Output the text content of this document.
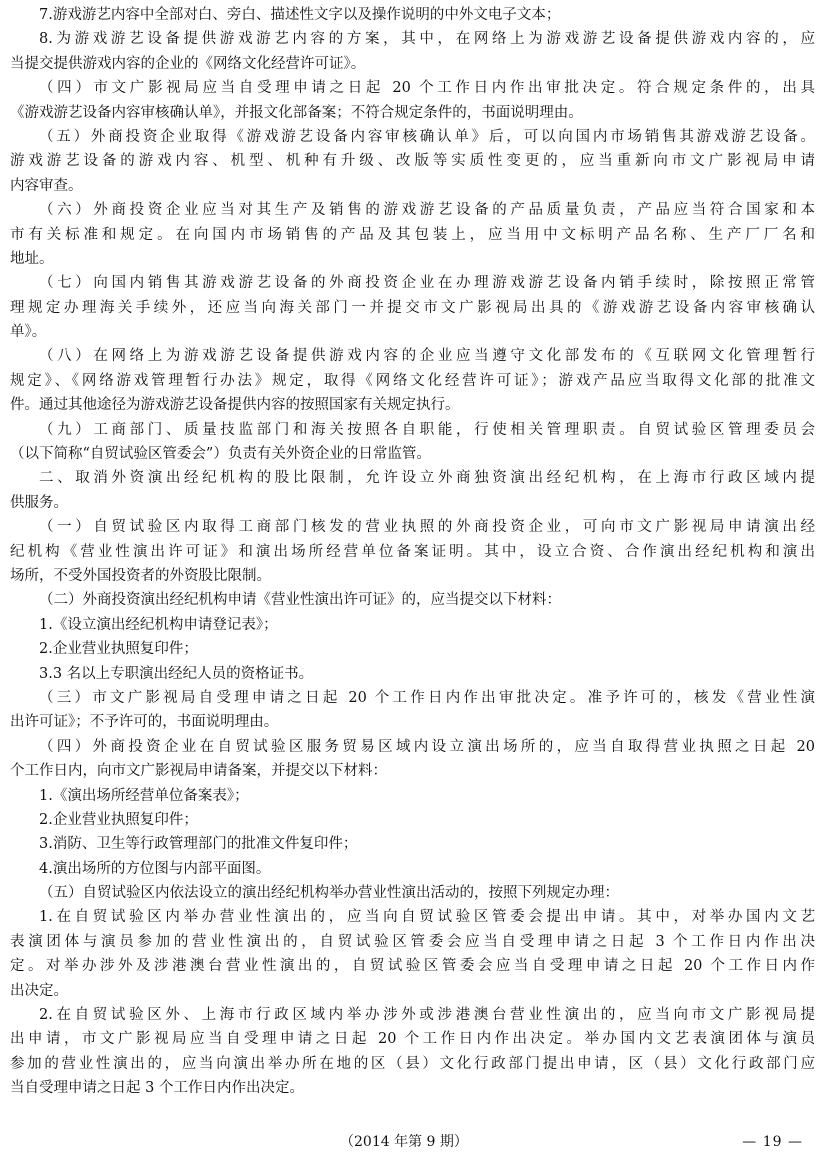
7.游戏游艺内容中全部对白、旁白、描述性文字以及操作说明的中外文电子文本；
8.为游戏游艺设备提供游戏游艺内容的方案，其中，在网络上为游戏游艺设备提供游戏内容的，应
当提交提供游戏内容的企业的《网络文化经营许可证》。
（四）市文广影视局应当自受理申请之日起 20 个工作日内作出审批决定。符合规定条件的，出具
《游戏游艺设备内容审核确认单》，并报文化部备案；不符合规定条件的，书面说明理由。
（五）外商投资企业取得《游戏游艺设备内容审核确认单》后，可以向国内市场销售其游戏游艺设备。
游戏游艺设备的游戏内容、机型、机种有升级、改版等实质性变更的，应当重新向市文广影视局申请
内容审查。
（六）外商投资企业应当对其生产及销售的游戏游艺设备的产品质量负责，产品应当符合国家和本
市有关标准和规定。在向国内市场销售的产品及其包装上，应当用中文标明产品名称、生产厂厂名和
地址。
（七）向国内销售其游戏游艺设备的外商投资企业在办理游戏游艺设备内销手续时，除按照正常管
理规定办理海关手续外，还应当向海关部门一并提交市文广影视局出具的《游戏游艺设备内容审核确认
单》。
（八）在网络上为游戏游艺设备提供游戏内容的企业应当遵守文化部发布的《互联网文化管理暂行
规定》、《网络游戏管理暂行办法》规定，取得《网络文化经营许可证》；游戏产品应当取得文化部的批准文
件。通过其他途径为游戏游艺设备提供内容的按照国家有关规定执行。
（九）工商部门、质量技监部门和海关按照各自职能，行使相关管理职责。自贸试验区管理委员会
（以下简称“自贸试验区管委会”）负责有关外资企业的日常监管。
二、取消外资演出经纪机构的股比限制，允许设立外商独资演出经纪机构，在上海市行政区域内提
供服务。
（一）自贸试验区内取得工商部门核发的营业执照的外商投资企业，可向市文广影视局申请演出经
纪机构《营业性演出许可证》和演出场所经营单位备案证明。其中，设立合资、合作演出经纪机构和演出
场所，不受外国投资者的外资股比限制。
（二）外商投资演出经纪机构申请《营业性演出许可证》的，应当提交以下材料：
1.《设立演出经纪机构申请登记表》；
2.企业营业执照复印件；
3.3 名以上专职演出经纪人员的资格证书。
（三）市文广影视局自受理申请之日起 20 个工作日内作出审批决定。准予许可的，核发《营业性演
出许可证》；不予许可的，书面说明理由。
（四）外商投资企业在自贸试验区服务贸易区域内设立演出场所的，应当自取得营业执照之日起 20
个工作日内，向市文广影视局申请备案，并提交以下材料：
1.《演出场所经营单位备案表》；
2.企业营业执照复印件；
3.消防、卫生等行政管理部门的批准文件复印件；
4.演出场所的方位图与内部平面图。
（五）自贸试验区内依法设立的演出经纪机构举办营业性演出活动的，按照下列规定办理：
1.在自贸试验区内举办营业性演出的，应当向自贸试验区管委会提出申请。其中，对举办国内文艺
表演团体与演员参加的营业性演出的，自贸试验区管委会应当自受理申请之日起 3 个工作日内作出决
定。对举办涉外及涉港澳台营业性演出的，自贸试验区管委会应当自受理申请之日起 20 个工作日内作
出决定。
2.在自贸试验区外、上海市行政区域内举办涉外或涉港澳台营业性演出的，应当向市文广影视局提
出申请，市文广影视局应当自受理申请之日起 20 个工作日内作出决定。举办国内文艺表演团体与演员
参加的营业性演出的，应当向演出举办所在地的区（县）文化行政部门提出申请，区（县）文化行政部门应
当自受理申请之日起 3 个工作日内作出决定。
（2014 年第 9 期）	— 19 —
